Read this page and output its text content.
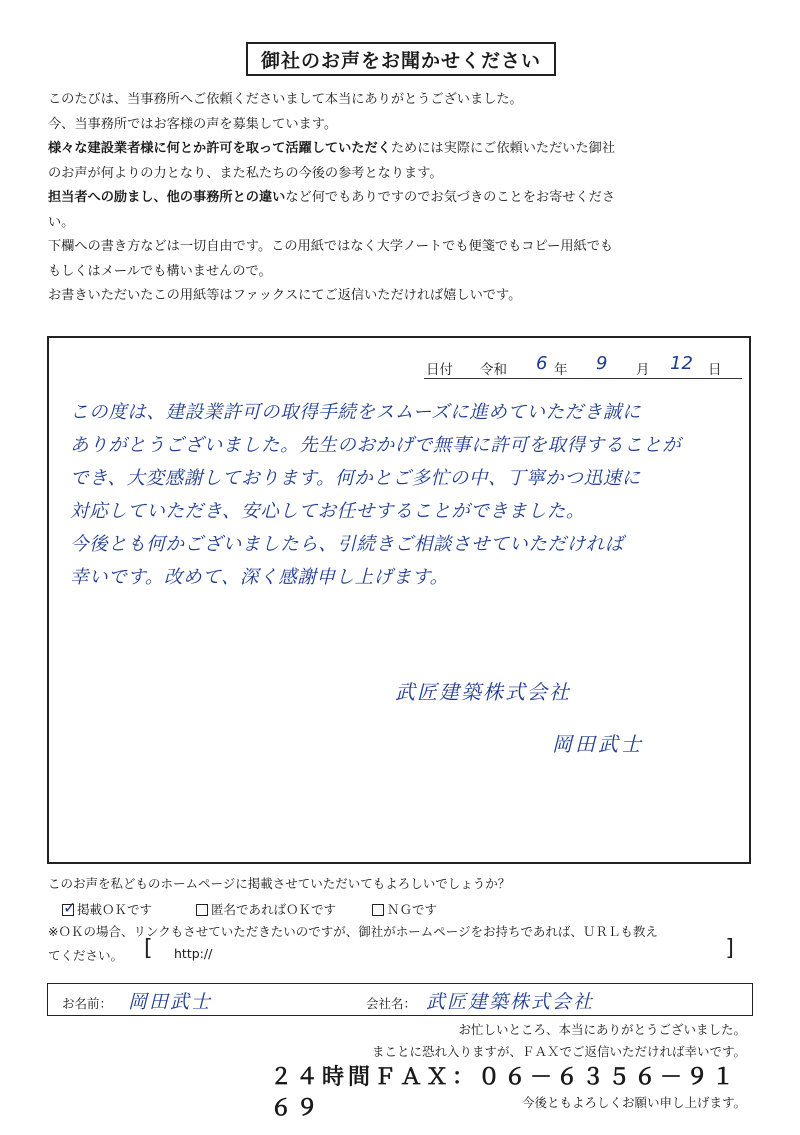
御社のお声をお聞かせください

このたびは、当事務所へご依頼くださいまして本当にありがとうございました。

今、当事務所ではお客様の声を募集しています。

様々な建設業者様に何とか許可を取って活躍していただくためには実際にご依頼いただいた御社

のお声が何よりの力となり、また私たちの今後の参考となります。

担当者への励まし、他の事務所との違いなど何でもありですのでお気づきのことをお寄せくださ

い。

下欄への書き方などは一切自由です。この用紙ではなく大学ノートでも便箋でもコピー用紙でも

もしくはメールでも構いませんので。

お書きいただいたこの用紙等はファックスにてご返信いただければ嬉しいです。

日付 令和 6 年 9 月 12 日
この度は、建設業許可の取得手続をスムーズに進めていただき誠に
ありがとうございました。先生のおかげで無事に許可を取得することが
でき、大変感謝しております。何かとご多忙の中、丁寧かつ迅速に
対応していただき、安心してお任せすることができました。
今後とも何かございましたら、引続きご相談させていただければ
幸いです。改めて、深く感謝申し上げます。
武匠建築株式会社
岡田武士
このお声を私どものホームページに掲載させていただいてもよろしいでしょうか？
✓ 掲載ＯＫです	匿名であればＯＫです	ＮＧです
※ＯＫの場合、リンクもさせていただきたいのですが、御社がホームページをお持ちであれば、ＵＲＬも教え
てください。 [ http://	]
お名前： 岡田武士	会社名： 武匠建築株式会社
お忙しいところ、本当にありがとうございました。
まことに恐れ入りますが、ＦＡＸでご返信いただければ幸いです。
２４時間ＦＡＸ：０６－６３５６－９１６９	今後ともよろしくお願い申し上げます。
